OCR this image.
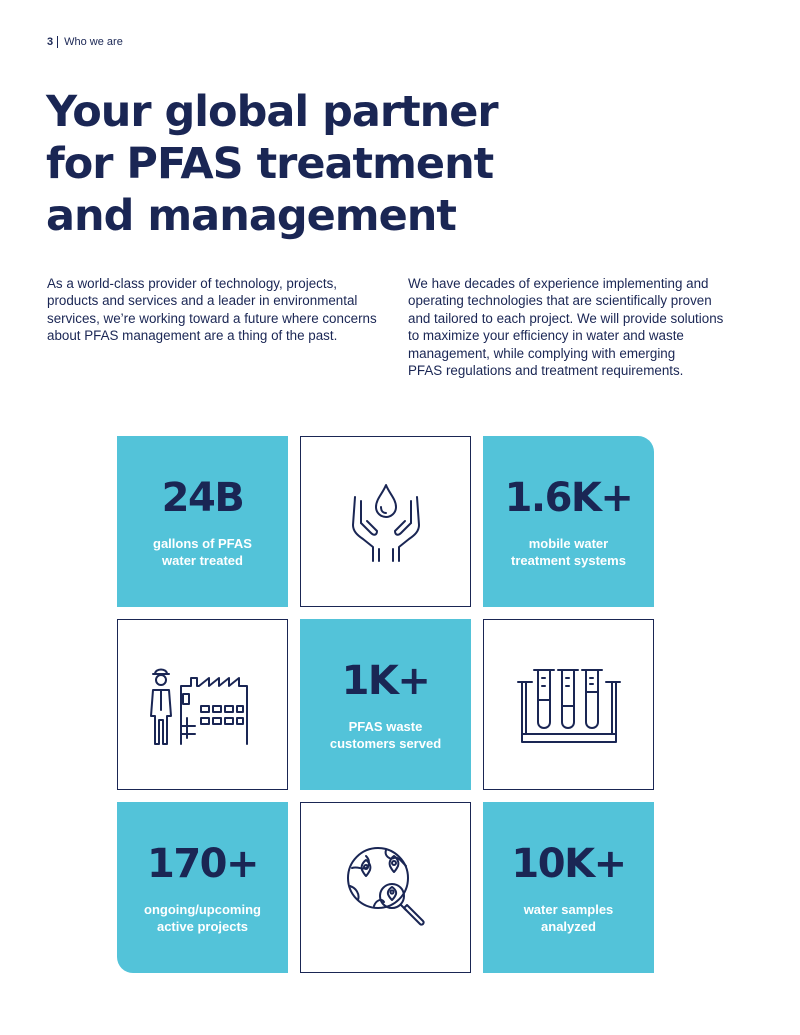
3 Who we are
Your global partner
for PFAS treatment
and management

As a world-class provider of technology, projects,
products and services and a leader in environmental
services, we’re working toward a future where concerns
about PFAS management are a thing of the past.

We have decades of experience implementing and
operating technologies that are scientifically proven
and tailored to each project. We will provide solutions
to maximize your efficiency in water and waste
management, while complying with emerging
PFAS regulations and treatment requirements.

24B
gallons of PFAS
water treated
1.6K+
mobile water
treatment systems
1K+
PFAS waste
customers served
170+
ongoing/upcoming
active projects
10K+
water samples
analyzed
